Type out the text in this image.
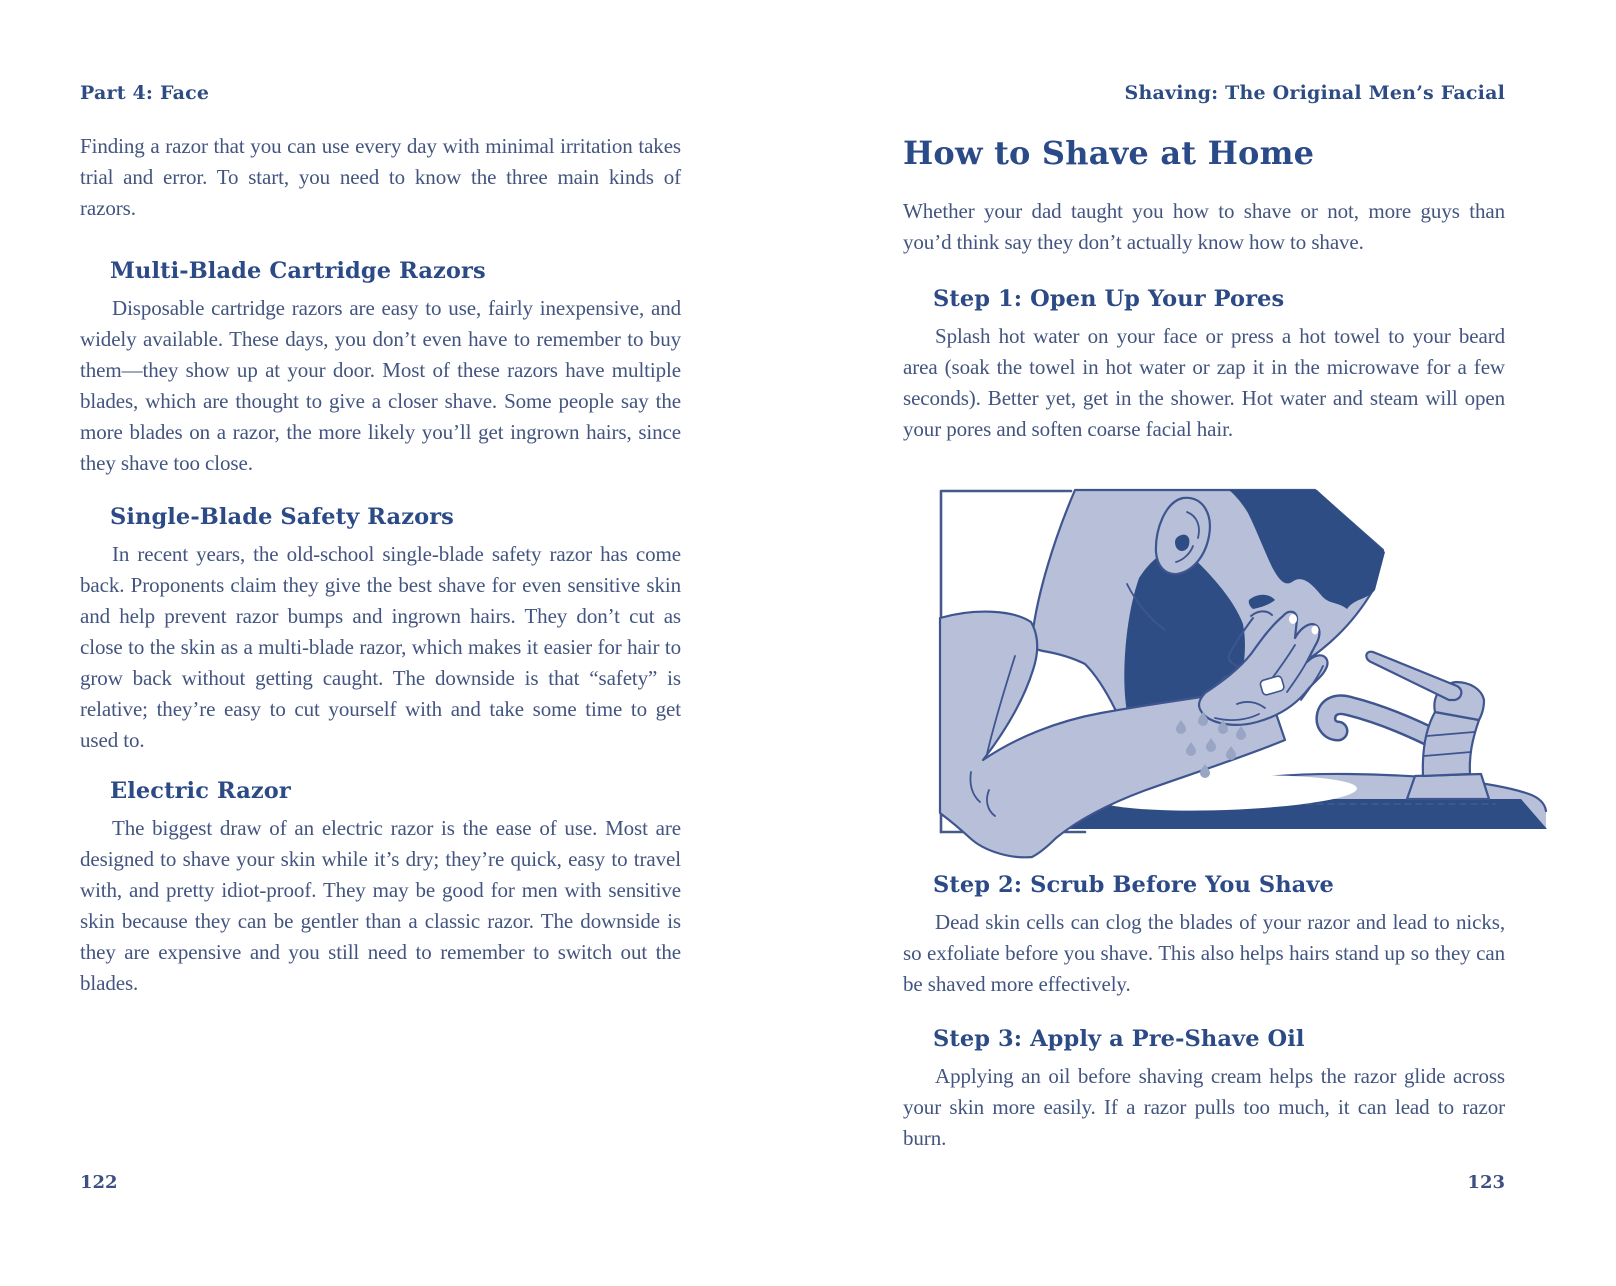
Part 4: Face
Finding a razor that you can use every day with minimal irritation takes trial and error. To start, you need to know the three main kinds of razors.
Multi-Blade Cartridge Razors
Disposable cartridge razors are easy to use, fairly inexpensive, and widely available. These days, you don’t even have to remember to buy them—they show up at your door. Most of these razors have multiple blades, which are thought to give a closer shave. Some people say the more blades on a razor, the more likely you’ll get ingrown hairs, since they shave too close.
Single-Blade Safety Razors
In recent years, the old-school single-blade safety razor has come back. Proponents claim they give the best shave for even sensitive skin and help prevent razor bumps and ingrown hairs. They don’t cut as close to the skin as a multi-blade razor, which makes it easier for hair to grow back without getting caught. The downside is that “safety” is relative; they’re easy to cut yourself with and take some time to get used to.
Electric Razor
The biggest draw of an electric razor is the ease of use. Most are designed to shave your skin while it’s dry; they’re quick, easy to travel with, and pretty idiot-proof. They may be good for men with sensitive skin because they can be gentler than a classic razor. The downside is they are expensive and you still need to remember to switch out the blades.
122
Shaving: The Original Men’s Facial
How to Shave at Home
Whether your dad taught you how to shave or not, more guys than you’d think say they don’t actually know how to shave.
Step 1: Open Up Your Pores
Splash hot water on your face or press a hot towel to your beard area (soak the towel in hot water or zap it in the microwave for a few seconds). Better yet, get in the shower. Hot water and steam will open your pores and soften coarse facial hair.
Step 2: Scrub Before You Shave
Dead skin cells can clog the blades of your razor and lead to nicks, so exfoliate before you shave. This also helps hairs stand up so they can be shaved more effectively.
Step 3: Apply a Pre-Shave Oil
Applying an oil before shaving cream helps the razor glide across your skin more easily. If a razor pulls too much, it can lead to razor burn.
123
